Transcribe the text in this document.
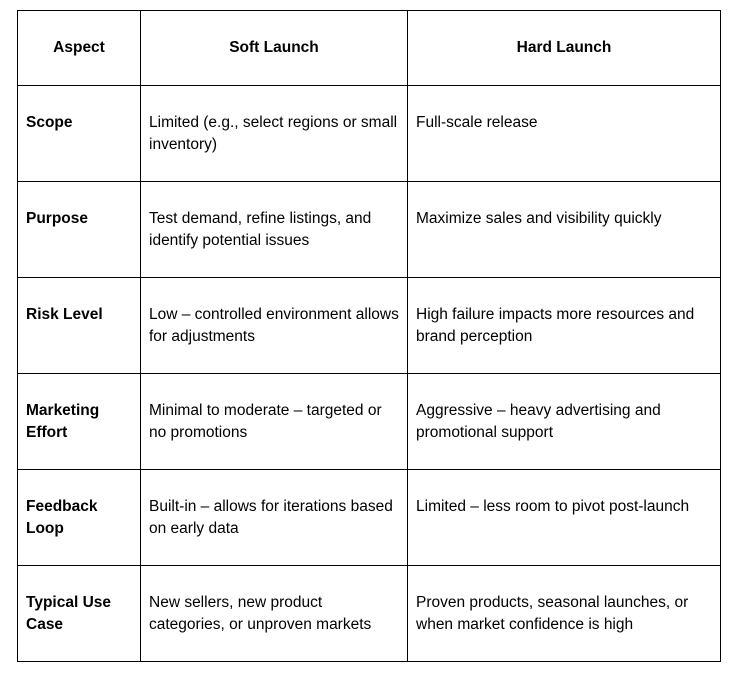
Aspect	Soft Launch	Hard Launch
Scope	Limited (e.g., select regions or small inventory)	Full-scale release
Purpose	Test demand, refine listings, and identify potential issues	Maximize sales and visibility quickly
Risk Level	Low – controlled environment allows for adjustments	High failure impacts more resources and brand perception
Marketing Effort	Minimal to moderate – targeted or no promotions	Aggressive – heavy advertising and promotional support
Feedback Loop	Built-in – allows for iterations based on early data	Limited – less room to pivot post-launch
Typical Use Case	New sellers, new product categories, or unproven markets	Proven products, seasonal launches, or when market confidence is high
